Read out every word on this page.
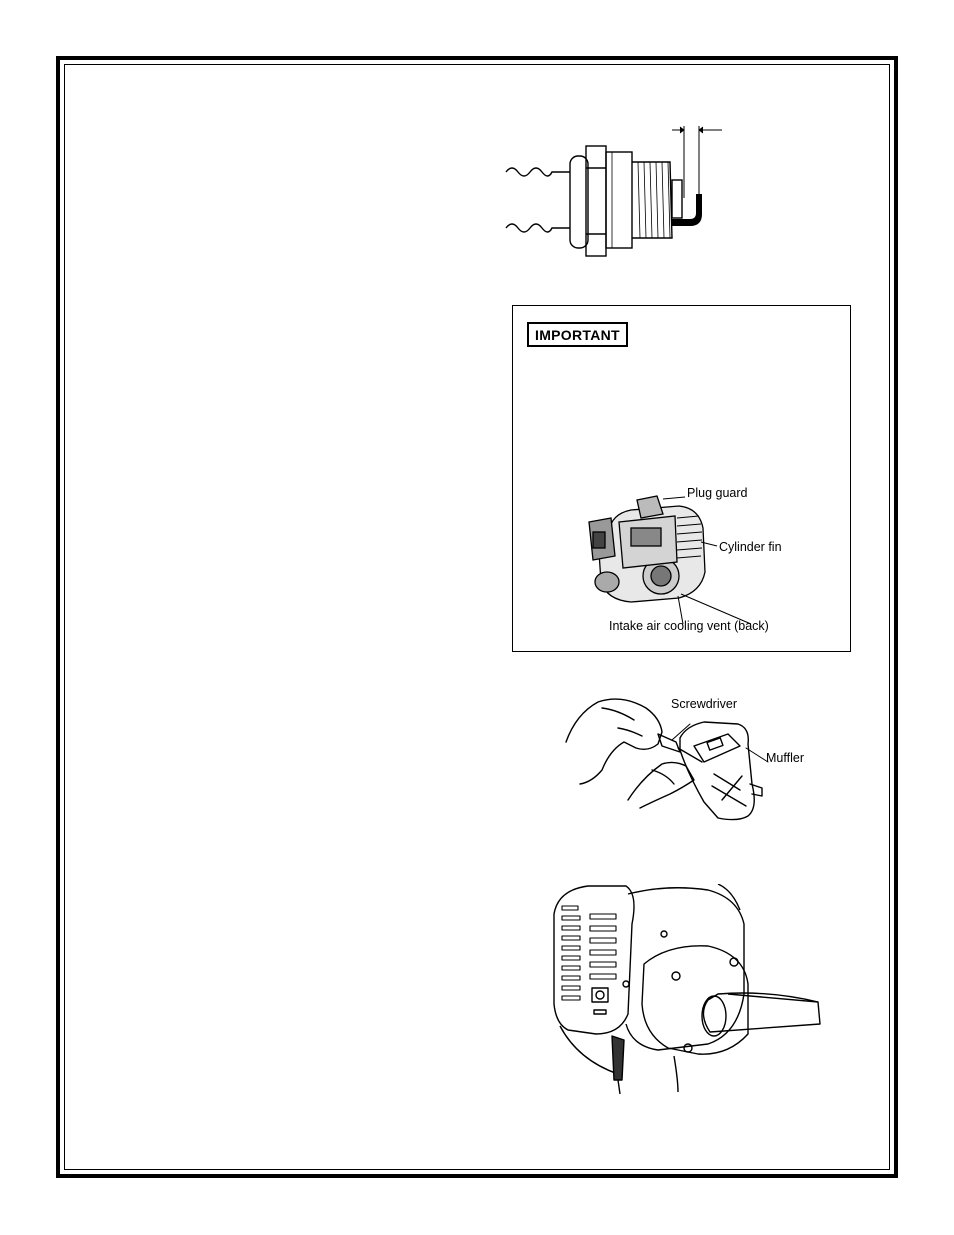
IMPORTANT
Plug guard
Cylinder fin
Intake air cooling vent (back)
Screwdriver
Muffler
